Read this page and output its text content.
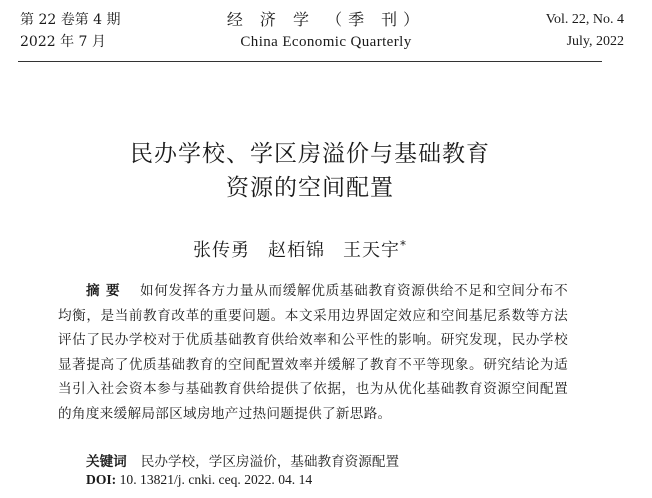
第 22 卷第 4 期
2022 年 7 月
经 济 学 （季 刊）
China Economic Quarterly
Vol. 22, No. 4
July, 2022
民办学校、学区房溢价与基础教育
资源的空间配置
张传勇 赵栢锦 王天宇*
摘要 如何发挥各方力量从而缓解优质基础教育资源供给不足和空间分布不均衡，是当前教育改革的重要问题。本文采用边界固定效应和空间基尼系数等方法评估了民办学校对于优质基础教育供给效率和公平性的影响。研究发现，民办学校显著提高了优质基础教育的空间配置效率并缓解了教育不平等现象。研究结论为适当引入社会资本参与基础教育供给提供了依据，也为从优化基础教育资源空间配置的角度来缓解局部区域房地产过热问题提供了新思路。
关键词 民办学校，学区房溢价，基础教育资源配置
DOI: 10. 13821/j. cnki. ceq. 2022. 04. 14
